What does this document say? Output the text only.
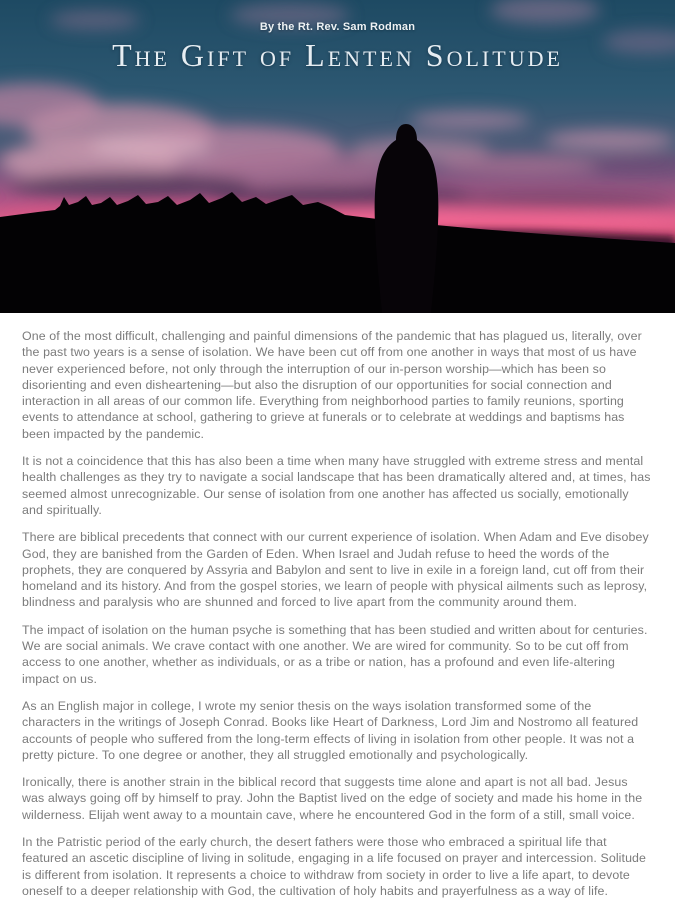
By the Rt. Rev. Sam Rodman
The Gift of Lenten Solitude

One of the most difficult, challenging and painful dimensions of the pandemic that has plagued us, literally, over the past two years is a sense of isolation. We have been cut off from one another in ways that most of us have never experienced before, not only through the interruption of our in-person worship—which has been so disorienting and even disheartening—but also the disruption of our opportunities for social connection and interaction in all areas of our common life. Everything from neighborhood parties to family reunions, sporting events to attendance at school, gathering to grieve at funerals or to celebrate at weddings and baptisms has been impacted by the pandemic.

It is not a coincidence that this has also been a time when many have struggled with extreme stress and mental health challenges as they try to navigate a social landscape that has been dramatically altered and, at times, has seemed almost unrecognizable. Our sense of isolation from one another has affected us socially, emotionally and spiritually.

There are biblical precedents that connect with our current experience of isolation. When Adam and Eve disobey God, they are banished from the Garden of Eden. When Israel and Judah refuse to heed the words of the prophets, they are conquered by Assyria and Babylon and sent to live in exile in a foreign land, cut off from their homeland and its history. And from the gospel stories, we learn of people with physical ailments such as leprosy, blindness and paralysis who are shunned and forced to live apart from the community around them.

The impact of isolation on the human psyche is something that has been studied and written about for centuries. We are social animals. We crave contact with one another. We are wired for community. So to be cut off from access to one another, whether as individuals, or as a tribe or nation, has a profound and even life-altering impact on us.

As an English major in college, I wrote my senior thesis on the ways isolation transformed some of the characters in the writings of Joseph Conrad. Books like Heart of Darkness, Lord Jim and Nostromo all featured accounts of people who suffered from the long-term effects of living in isolation from other people. It was not a pretty picture. To one degree or another, they all struggled emotionally and psychologically.

Ironically, there is another strain in the biblical record that suggests time alone and apart is not all bad. Jesus was always going off by himself to pray. John the Baptist lived on the edge of society and made his home in the wilderness. Elijah went away to a mountain cave, where he encountered God in the form of a still, small voice.

In the Patristic period of the early church, the desert fathers were those who embraced a spiritual life that featured an ascetic discipline of living in solitude, engaging in a life focused on prayer and intercession. Solitude is different from isolation. It represents a choice to withdraw from society in order to live a life apart, to devote oneself to a deeper relationship with God, the cultivation of holy habits and prayerfulness as a way of life.
